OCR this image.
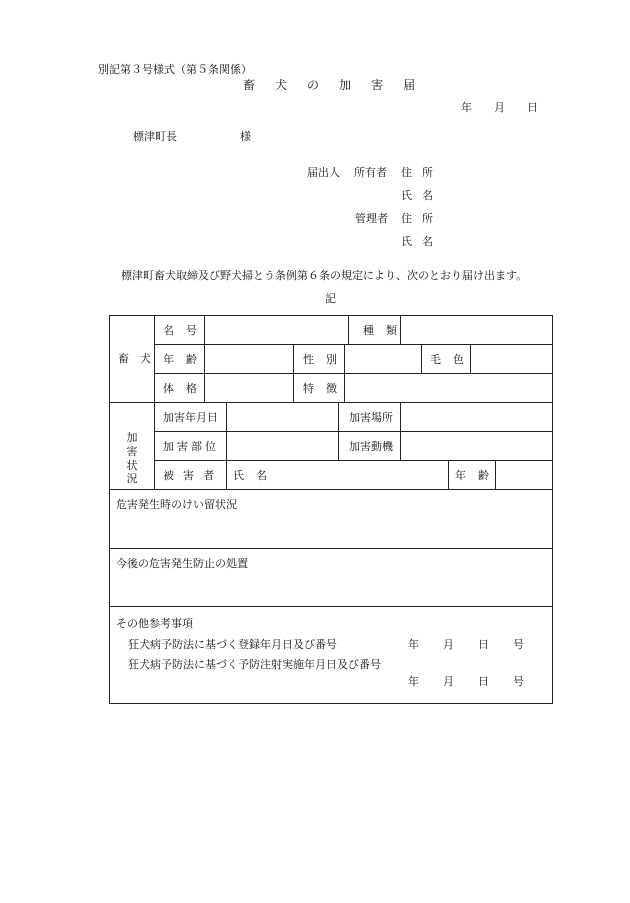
別記第３号様式（第５条関係）
畜 犬 の 加 害 届
年 月 日
標津町長	様
届出人 所有者 住 所
氏 名
管理者 住 所
氏 名
標津町畜犬取締及び野犬掃とう条例第６条の規定により、次のとおり届け出ます。
記
畜　犬
加　害
状　況
名 号	種 類
年 齢	性 別	毛 色
体 格	特 徴
加害年月日	加害場所
加 害 部 位	加害動機
被 害 者 氏 名	年 齢
危害発生時のけい留状況
今後の危害発生防止の処置
その他参考事項
狂犬病予防法に基づく登録年月日及び番号	年 月 日 号
狂犬病予防法に基づく予防注射実施年月日及び番号
年 月 日 号
